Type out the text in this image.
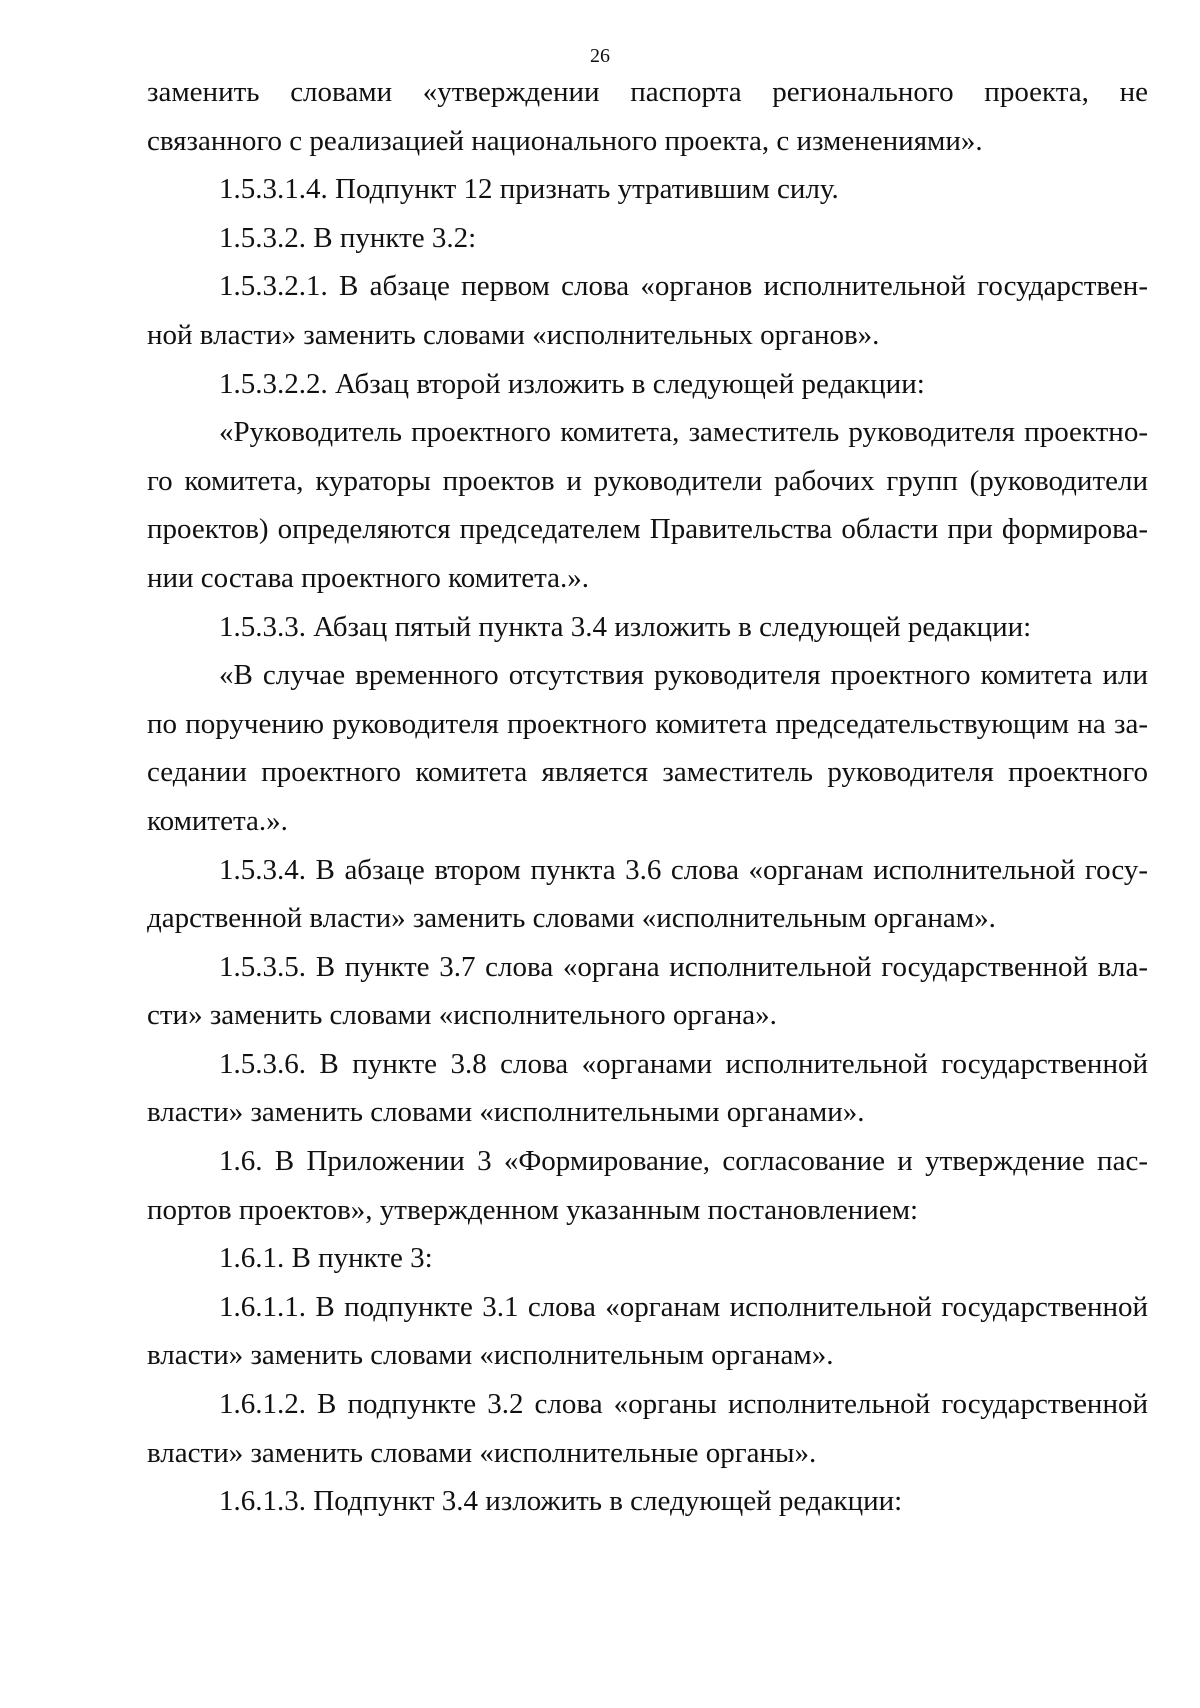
26

заменить словами «утверждении паспорта регионального проекта, не связанного с реализацией национального проекта, с изменениями».

1.5.3.1.4. Подпункт 12 признать утратившим силу.

1.5.3.2. В пункте 3.2:

1.5.3.2.1. В абзаце первом слова «органов исполнительной государственной власти» заменить словами «исполнительных органов».

1.5.3.2.2. Абзац второй изложить в следующей редакции:

«Руководитель проектного комитета, заместитель руководителя проектного комитета, кураторы проектов и руководители рабочих групп (руководители проектов) определяются председателем Правительства области при формировании состава проектного комитета.».

1.5.3.3. Абзац пятый пункта 3.4 изложить в следующей редакции:

«В случае временного отсутствия руководителя проектного комитета или по поручению руководителя проектного комитета председательствующим на заседании проектного комитета является заместитель руководителя проектного комитета.».

1.5.3.4. В абзаце втором пункта 3.6 слова «органам исполнительной государственной власти» заменить словами «исполнительным органам».

1.5.3.5. В пункте 3.7 слова «органа исполнительной государственной власти» заменить словами «исполнительного органа».

1.5.3.6. В пункте 3.8 слова «органами исполнительной государственной власти» заменить словами «исполнительными органами».

1.6. В Приложении 3 «Формирование, согласование и утверждение паспортов проектов», утвержденном указанным постановлением:

1.6.1. В пункте 3:

1.6.1.1. В подпункте 3.1 слова «органам исполнительной государственной власти» заменить словами «исполнительным органам».

1.6.1.2. В подпункте 3.2 слова «органы исполнительной государственной власти» заменить словами «исполнительные органы».

1.6.1.3. Подпункт 3.4 изложить в следующей редакции:
